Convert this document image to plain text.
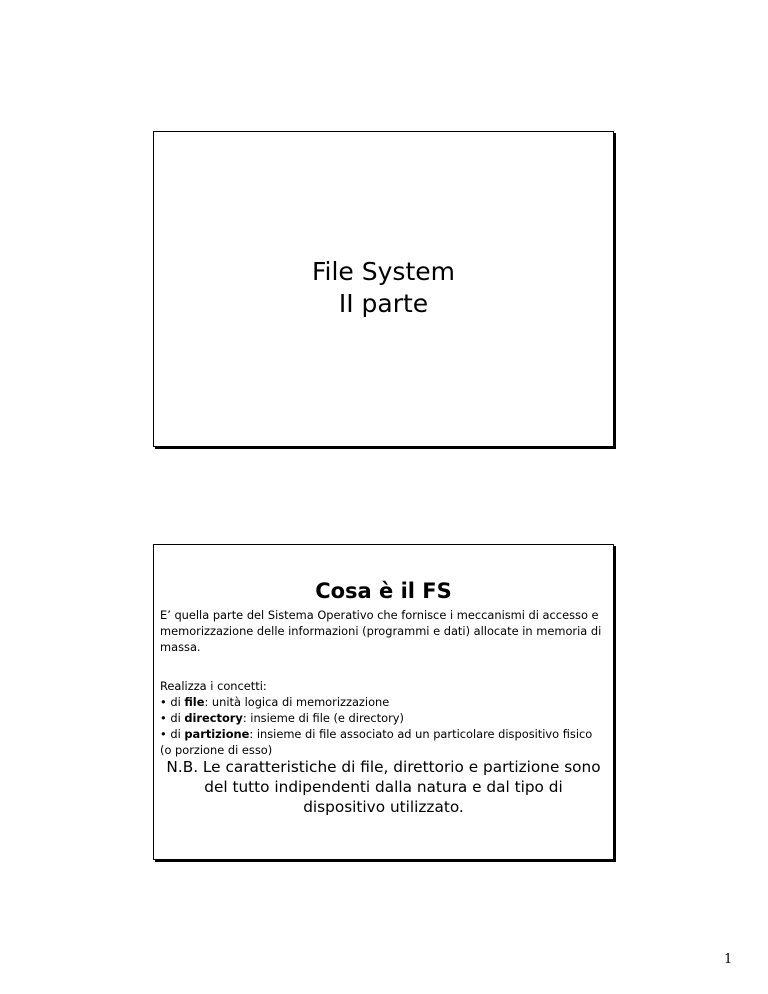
File System
II parte
Cosa è il FS
E’ quella parte del Sistema Operativo che fornisce i meccanismi di accesso e memorizzazione delle informazioni (programmi e dati) allocate in memoria di massa.
Realizza i concetti:
• di file: unità logica di memorizzazione
• di directory: insieme di file (e directory)
• di partizione: insieme di file associato ad un particolare dispositivo fisico (o porzione di esso)
N.B. Le caratteristiche di file, direttorio e partizione sono del tutto indipendenti dalla natura e dal tipo di dispositivo utilizzato.
1
